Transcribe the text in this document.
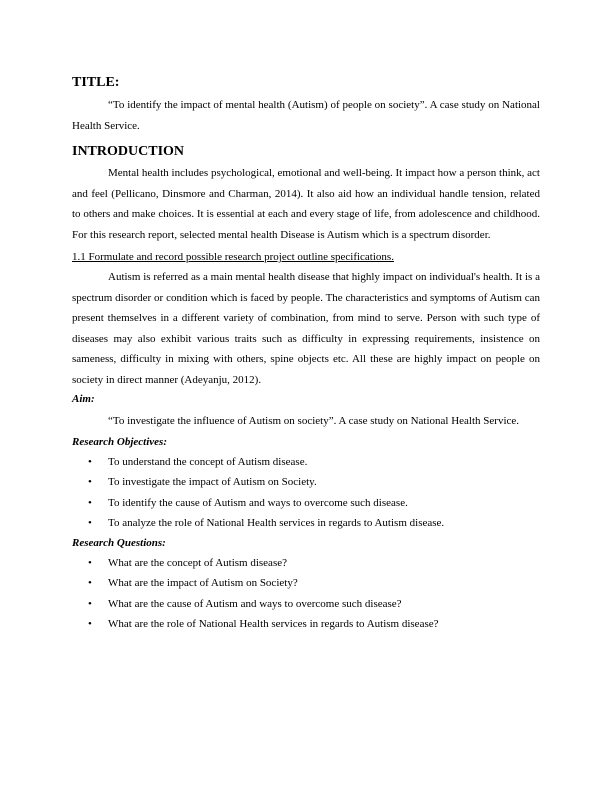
TITLE:

“To identify the impact of mental health (Autism) of people on society”. A case study on National Health Service.

INTRODUCTION

Mental health includes psychological, emotional and well-being. It impact how a person think, act and feel (Pellicano, Dinsmore and Charman, 2014). It also aid how an individual handle tension, related to others and make choices. It is essential at each and every stage of life, from adolescence and childhood. For this research report, selected mental health Disease is Autism which is a spectrum disorder.

1.1 Formulate and record possible research project outline specifications.

Autism is referred as a main mental health disease that highly impact on individual's health. It is a spectrum disorder or condition which is faced by people. The characteristics and symptoms of Autism can present themselves in a different variety of combination, from mind to serve. Person with such type of diseases may also exhibit various traits such as difficulty in expressing requirements, insistence on sameness, difficulty in mixing with others, spine objects etc. All these are highly impact on people on society in direct manner (Adeyanju, 2012).

Aim:

“To investigate the influence of Autism on society”. A case study on National Health Service.

Research Objectives:

• To understand the concept of Autism disease.
• To investigate the impact of Autism on Society.
• To identify the cause of Autism and ways to overcome such disease.
• To analyze the role of National Health services in regards to Autism disease.

Research Questions:

• What are the concept of Autism disease?
• What are the impact of Autism on Society?
• What are the cause of Autism and ways to overcome such disease?
• What are the role of National Health services in regards to Autism disease?
